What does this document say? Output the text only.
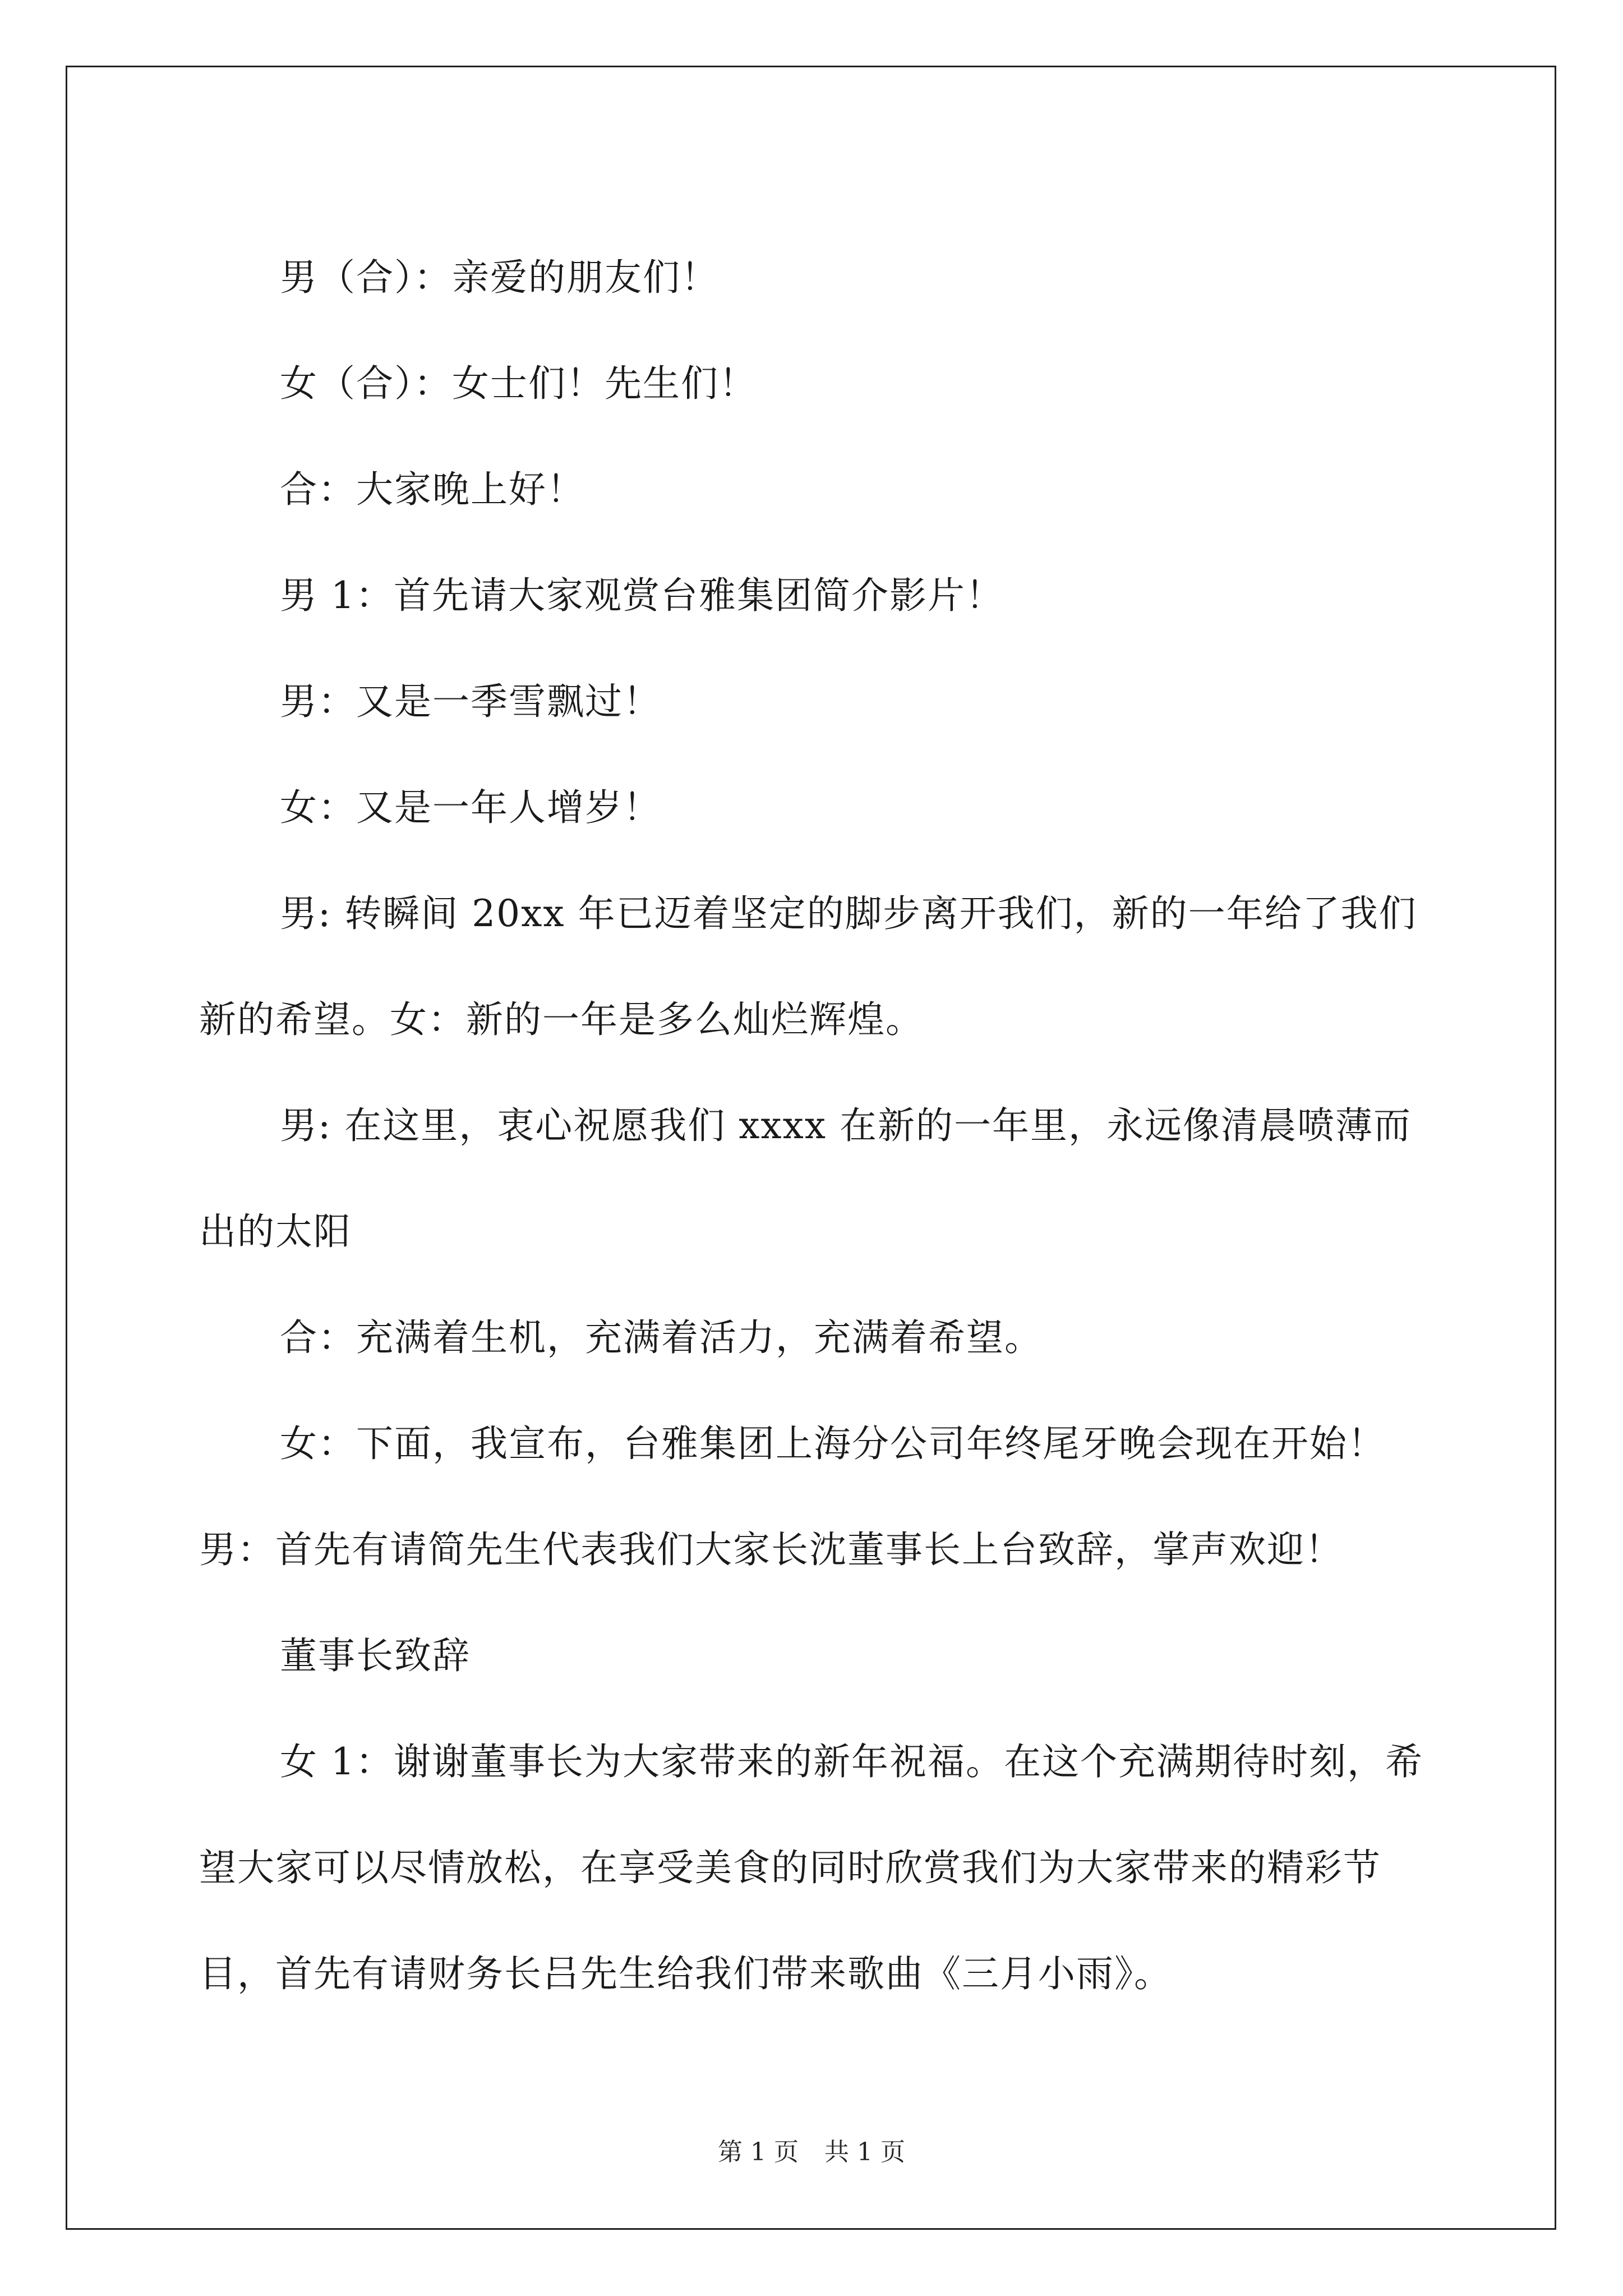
男（合）：亲爱的朋友们！

女（合）：女士们！先生们！

合：大家晚上好！

男 1：首先请大家观赏台雅集团简介影片！

男：又是一季雪飘过！

女：又是一年人增岁！

男: 转瞬间 20xx 年已迈着坚定的脚步离开我们，新的一年给了我们新的希望。女：新的一年是多么灿烂辉煌。

男: 在这里，衷心祝愿我们 xxxx 在新的一年里，永远像清晨喷薄而出的太阳

合：充满着生机，充满着活力，充满着希望。

女：下面，我宣布，台雅集团上海分公司年终尾牙晚会现在开始！

男：首先有请简先生代表我们大家长沈董事长上台致辞，掌声欢迎！

董事长致辞

女 1：谢谢董事长为大家带来的新年祝福。在这个充满期待时刻，希望大家可以尽情放松，在享受美食的同时欣赏我们为大家带来的精彩节目，首先有请财务长吕先生给我们带来歌曲《三月小雨》。

第 1 页 共 1 页
